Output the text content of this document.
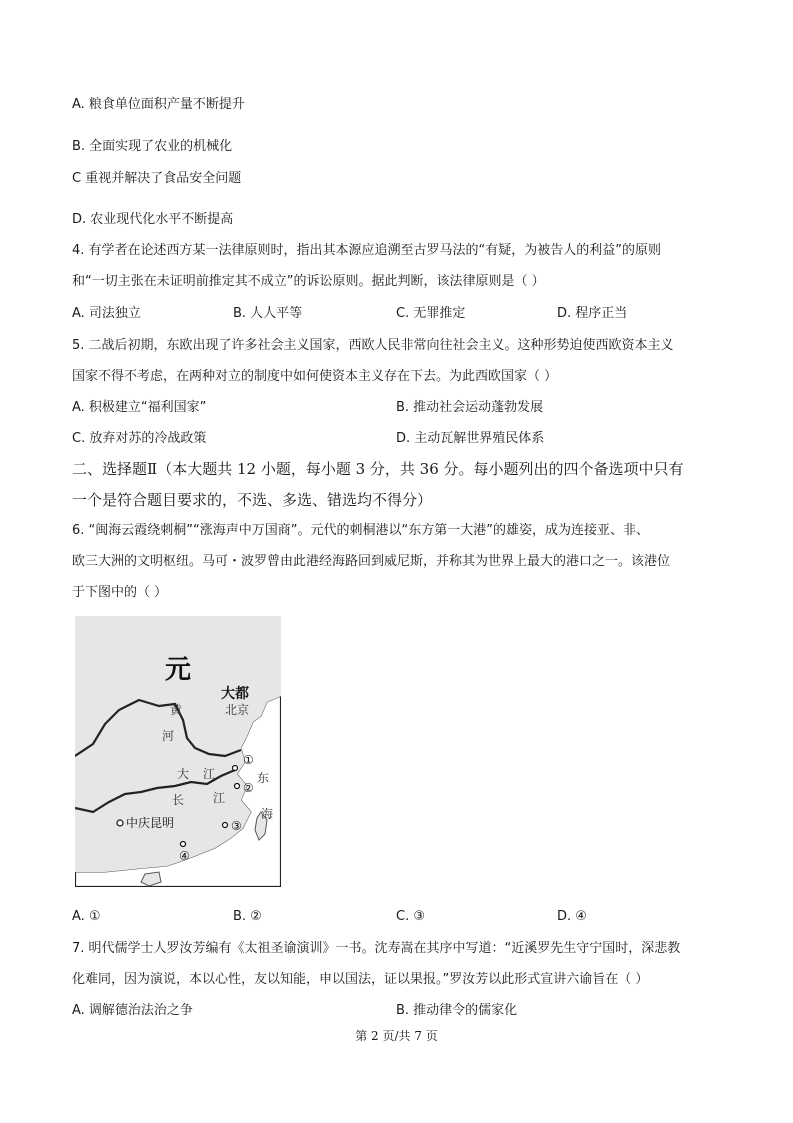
A. 粮食单位面积产量不断提升
B. 全面实现了农业的机械化
C 重视并解决了食品安全问题
D. 农业现代化水平不断提高
4. 有学者在论述西方某一法律原则时，指出其本源应追溯至古罗马法的“有疑，为被告人的利益”的原则
和“一切主张在未证明前推定其不成立”的诉讼原则。据此判断，该法律原则是（ ）
A. 司法独立	B. 人人平等	C. 无罪推定	D. 程序正当
5. 二战后初期，东欧出现了许多社会主义国家，西欧人民非常向往社会主义。这种形势迫使西欧资本主义
国家不得不考虑，在两种对立的制度中如何使资本主义存在下去。为此西欧国家（ ）
A. 积极建立“福利国家”	B. 推动社会运动蓬勃发展
C. 放弃对苏的冷战政策	D. 主动瓦解世界殖民体系
二、选择题Ⅱ（本大题共 12 小题，每小题 3 分，共 36 分。每小题列出的四个备选项中只有
一个是符合题目要求的，不选、多选、错选均不得分）
6. “闽海云霞绕刺桐”“涨海声中万国商”。元代的刺桐港以“东方第一大港”的雄姿，成为连接亚、非、
欧三大洲的文明枢纽。马可・波罗曾由此港经海路回到威尼斯，并称其为世界上最大的港口之一。该港位
于下图中的（ ）
元
大都
北京
黄
河
大 江
长 江
东
海
中庆昆明
①
②
③
④
A. ①	B. ②	C. ③	D. ④
7. 明代儒学士人罗汝芳编有《太祖圣谕演训》一书。沈寿嵩在其序中写道：“近溪罗先生守宁国时，深悲教
化难同，因为演说，本以心性，友以知能，申以国法，证以果报。”罗汝芳以此形式宣讲六谕旨在（ ）
A. 调解德治法治之争	B. 推动律令的儒家化
第 2 页/共 7 页
